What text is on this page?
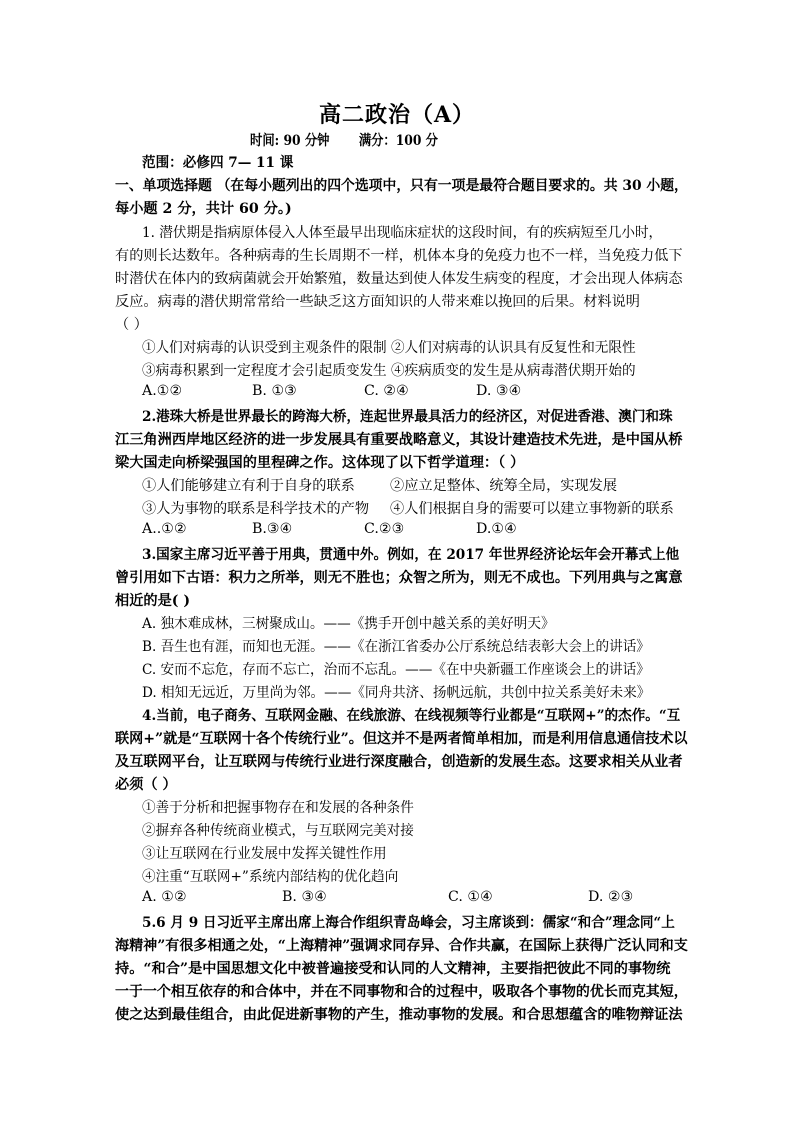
高二政治（A）
时间: 90 分钟 满分：100 分
范围：必修四 7— 11 课
一、单项选择题 （在每小题列出的四个选项中，只有一项是最符合题目要求的。共 30 小题，
每小题 2 分，共计 60 分。)
1. 潜伏期是指病原体侵入人体至最早出现临床症状的这段时间，有的疾病短至几小时，
有的则长达数年。各种病毒的生长周期不一样，机体本身的免疫力也不一样，当免疫力低下
时潜伏在体内的致病菌就会开始繁殖，数量达到使人体发生病变的程度，才会出现人体病态
反应。病毒的潜伏期常常给一些缺乏这方面知识的人带来难以挽回的后果。材料说明
（ ）
①人们对病毒的认识受到主观条件的限制 ②人们对病毒的认识具有反复性和无限性
③病毒积累到一定程度才会引起质变发生 ④疾病质变的发生是从病毒潜伏期开始的
A.①②	B. ①③	C. ②④	D. ③④
2.港珠大桥是世界最长的跨海大桥，连起世界最具活力的经济区，对促进香港、澳门和珠
江三角洲西岸地区经济的进一步发展具有重要战略意义，其设计建造技术先进，是中国从桥
梁大国走向桥梁强国的里程碑之作。这体现了以下哲学道理：（ ）
①人们能够建立有利于自身的联系 ②应立足整体、统筹全局，实现发展
③人为事物的联系是科学技术的产物 ④人们根据自身的需要可以建立事物新的联系
A..①②	B.③④	C.②③	D.①④
3.国家主席习近平善于用典，贯通中外。例如，在 2017 年世界经济论坛年会开幕式上他
曾引用如下古语：积力之所举，则无不胜也；众智之所为，则无不成也。下列用典与之寓意
相近的是( )
A. 独木难成林，三树聚成山。——《携手开创中越关系的美好明天》
B. 吾生也有涯，而知也无涯。——《在浙江省委办公厅系统总结表彰大会上的讲话》
C. 安而不忘危，存而不忘亡，治而不忘乱。——《在中央新疆工作座谈会上的讲话》
D. 相知无远近，万里尚为邻。——《同舟共济、扬帆远航，共创中拉关系美好未来》
4.当前，电子商务、互联网金融、在线旅游、在线视频等行业都是“互联网+”的杰作。“互
联网+”就是“互联网十各个传统行业”。但这并不是两者简单相加，而是利用信息通信技术以
及互联网平台，让互联网与传统行业进行深度融合，创造新的发展生态。这要求相关从业者
必须（ ）
①善于分析和把握事物存在和发展的各种条件
②摒弃各种传统商业模式，与互联网完美对接
③让互联网在行业发展中发挥关键性作用
④注重“互联网+”系统内部结构的优化趋向
A. ①②	B. ③④	C. ①④	D. ②③
5.6 月 9 日习近平主席出席上海合作组织青岛峰会，习主席谈到：儒家“和合”理念同“上
海精神”有很多相通之处，“上海精神”强调求同存异、合作共赢，在国际上获得广泛认同和支
持。“和合”是中国思想文化中被普遍接受和认同的人文精神，主要指把彼此不同的事物统
一于一个相互依存的和合体中，并在不同事物和合的过程中，吸取各个事物的优长而克其短，
使之达到最佳组合，由此促进新事物的产生，推动事物的发展。和合思想蕴含的唯物辩证法
